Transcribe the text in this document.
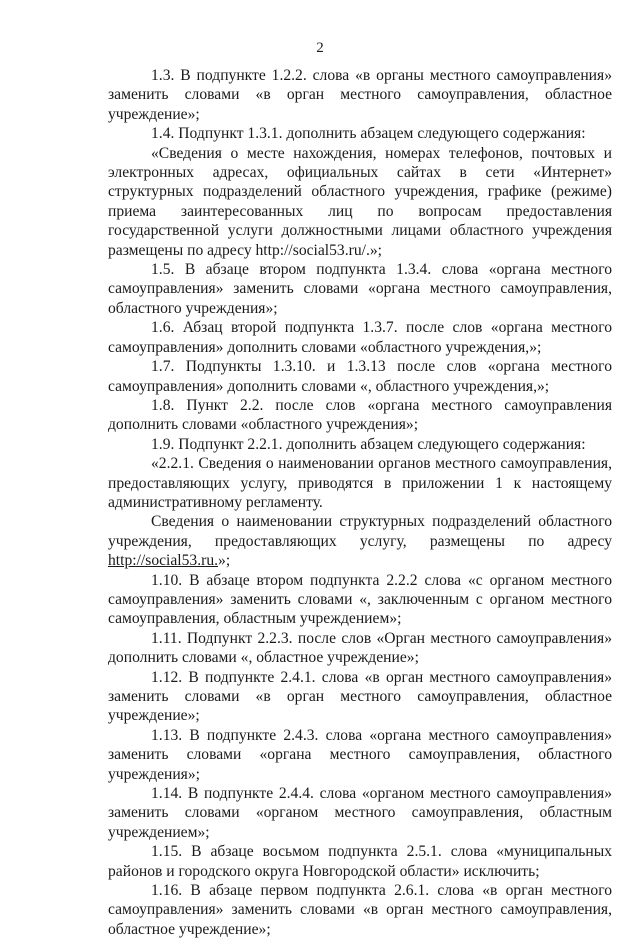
2

1.3. В подпункте 1.2.2. слова «в органы местного самоуправления» заменить словами «в орган местного самоуправления, областное учреждение»;

1.4. Подпункт 1.3.1. дополнить абзацем следующего содержания:

«Сведения о месте нахождения, номерах телефонов, почтовых и электронных адресах, официальных сайтах в сети «Интернет» структурных подразделений областного учреждения, графике (режиме) приема заинтересованных лиц по вопросам предоставления государственной услуги должностными лицами областного учреждения размещены по адресу http://social53.ru/.»;

1.5. В абзаце втором подпункта 1.3.4. слова «органа местного самоуправления» заменить словами «органа местного самоуправления, областного учреждения»;

1.6. Абзац второй подпункта 1.3.7. после слов «органа местного самоуправления» дополнить словами «областного учреждения,»;

1.7. Подпункты 1.3.10. и 1.3.13 после слов «органа местного самоуправления» дополнить словами «, областного учреждения,»;

1.8. Пункт 2.2. после слов «органа местного самоуправления дополнить словами «областного учреждения»;

1.9. Подпункт 2.2.1. дополнить абзацем следующего содержания:

«2.2.1. Сведения о наименовании органов местного самоуправления, предоставляющих услугу, приводятся в приложении 1 к настоящему административному регламенту.

Сведения о наименовании структурных подразделений областного учреждения, предоставляющих услугу, размещены по адресу http://social53.ru.»;

1.10. В абзаце втором подпункта 2.2.2 слова «с органом местного самоуправления» заменить словами «, заключенным с органом местного самоуправления, областным учреждением»;

1.11. Подпункт 2.2.3. после слов «Орган местного самоуправления» дополнить словами «, областное учреждение»;

1.12. В подпункте 2.4.1. слова «в орган местного самоуправления» заменить словами «в орган местного самоуправления, областное учреждение»;

1.13. В подпункте 2.4.3. слова «органа местного самоуправления» заменить словами «органа местного самоуправления, областного учреждения»;

1.14. В подпункте 2.4.4. слова «органом местного самоуправления» заменить словами «органом местного самоуправления, областным учреждением»;

1.15. В абзаце восьмом подпункта 2.5.1. слова «муниципальных районов и городского округа Новгородской области» исключить;

1.16. В абзаце первом подпункта 2.6.1. слова «в орган местного самоуправления» заменить словами «в орган местного самоуправления, областное учреждение»;
